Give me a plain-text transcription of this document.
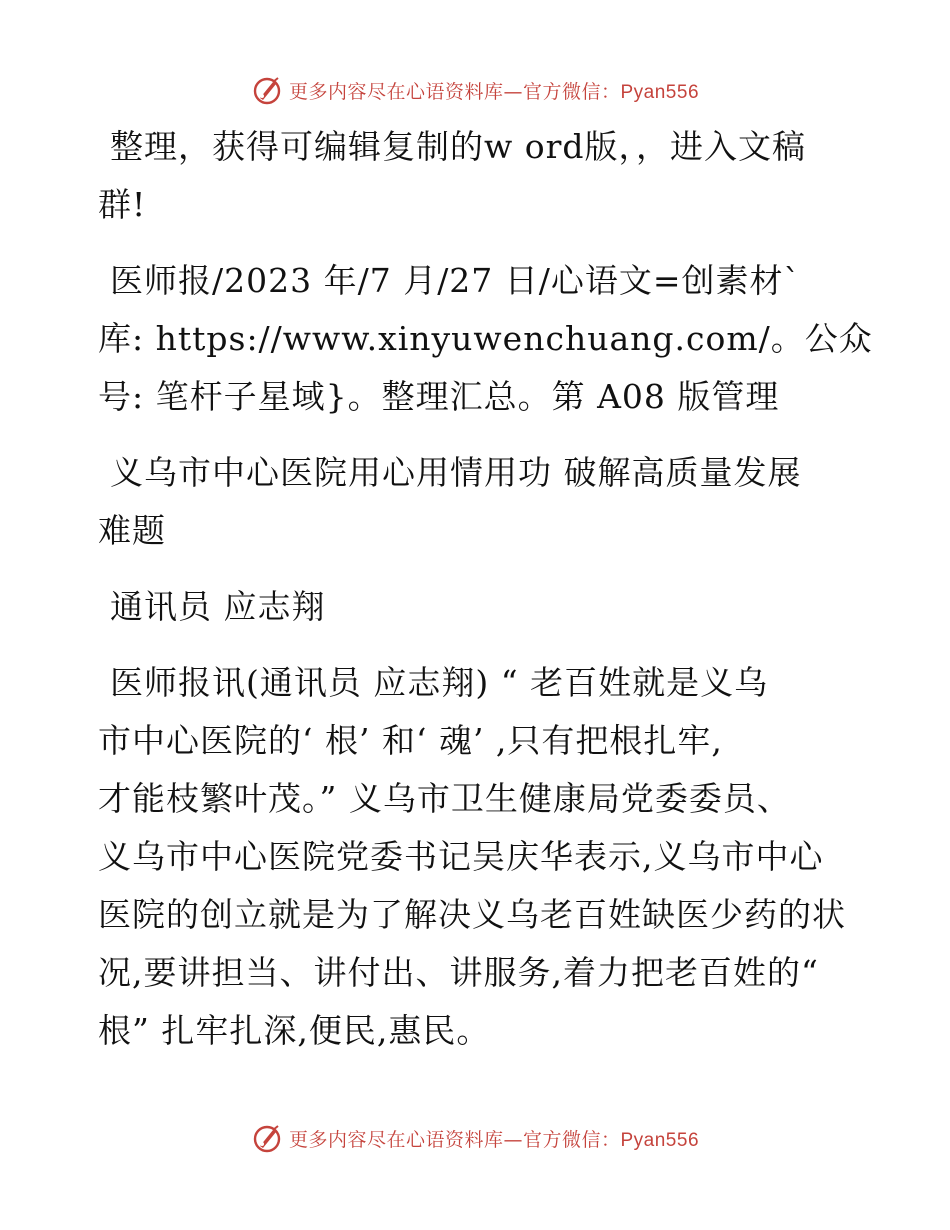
更多内容尽在心语资料库—官方微信：Pyan556

整理，获得可编辑复制的w ord版，，进入文稿
群!

医师报/2023 年/7 月/27 日/心语文=创素材`
库: https://www.xinyuwenchuang.com/。公众
号: 笔杆子星域}。整理汇总。第 A08 版管理

义乌市中心医院用心用情用功 破解高质量发展
难题

通讯员 应志翔

医师报讯(通讯员 应志翔) “ 老百姓就是义乌
市中心医院的‘ 根’ 和‘ 魂’ ,只有把根扎牢,
才能枝繁叶茂。” 义乌市卫生健康局党委委员、
义乌市中心医院党委书记吴庆华表示,义乌市中心
医院的创立就是为了解决义乌老百姓缺医少药的状
况,要讲担当、讲付出、讲服务,着力把老百姓的“
根” 扎牢扎深,便民,惠民。

更多内容尽在心语资料库—官方微信：Pyan556
